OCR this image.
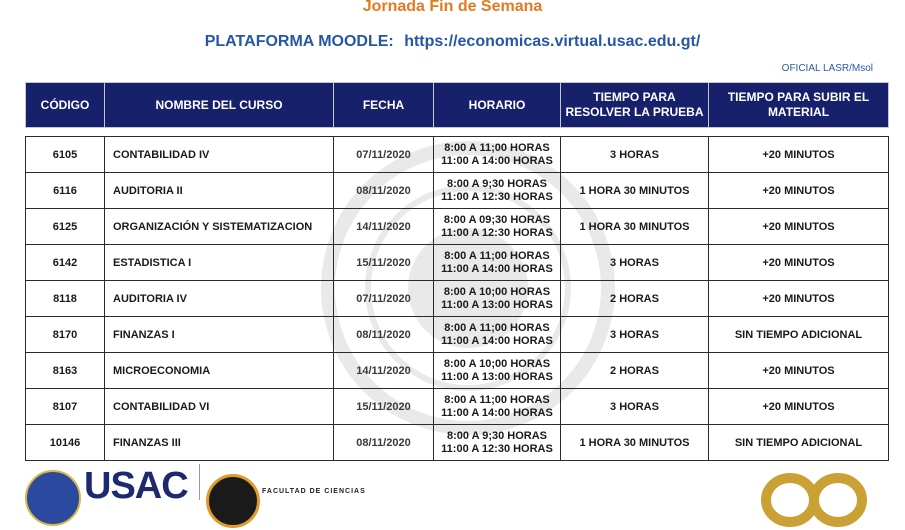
Jornada Fin de Semana
PLATAFORMA MOODLE: https://economicas.virtual.usac.edu.gt/
OFICIAL LASR/Msol
CÓDIGO	NOMBRE DEL CURSO	FECHA	HORARIO	TIEMPO PARA RESOLVER LA PRUEBA	TIEMPO PARA SUBIR EL MATERIAL

6105	CONTABILIDAD IV	07/11/2020	8:00 A 11;00 HORAS
11:00 A 14:00 HORAS	3 HORAS	+20 MINUTOS
6116	AUDITORIA II	08/11/2020	8:00 A 9;30 HORAS
11:00 A 12:30 HORAS	1 HORA 30 MINUTOS	+20 MINUTOS
6125	ORGANIZACIÓN Y SISTEMATIZACION	14/11/2020	8:00 A 09;30 HORAS
11:00 A 12:30 HORAS	1 HORA 30 MINUTOS	+20 MINUTOS
6142	ESTADISTICA I	15/11/2020	8:00 A 11;00 HORAS
11:00 A 14:00 HORAS	3 HORAS	+20 MINUTOS
8118	AUDITORIA IV	07/11/2020	8:00 A 10;00 HORAS
11:00 A 13:00 HORAS	2 HORAS	+20 MINUTOS
8170	FINANZAS I	08/11/2020	8:00 A 11;00 HORAS
11:00 A 14:00 HORAS	3 HORAS	SIN TIEMPO ADICIONAL
8163	MICROECONOMIA	14/11/2020	8:00 A 10;00 HORAS
11:00 A 13:00 HORAS	2 HORAS	+20 MINUTOS
8107	CONTABILIDAD VI	15/11/2020	8:00 A 11;00 HORAS
11:00 A 14:00 HORAS	3 HORAS	+20 MINUTOS
10146	FINANZAS III	08/11/2020	8:00 A 9;30 HORAS
11:00 A 12:30 HORAS	1 HORA 30 MINUTOS	SIN TIEMPO ADICIONAL
USAC	FACULTAD DE CIENCIAS
